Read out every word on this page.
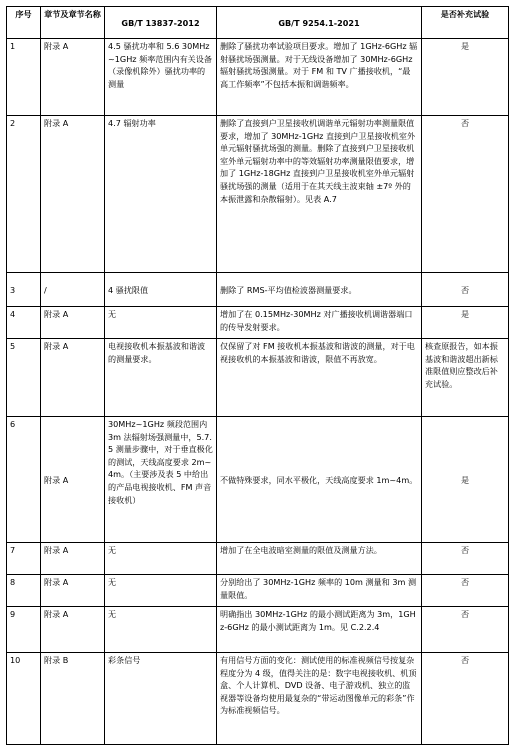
序号	章节及章节名称	GB/T 13837-2012	GB/T 9254.1-2021	是否补充试验
1	附录 A	4.5 骚扰功率和 5.6 30MHz~1GHz 频率范围内有关设备（录像机除外）骚扰功率的测量	删除了骚扰功率试验项目要求。增加了 1GHz-6GHz 辐射骚扰场强测量。对于无线设备增加了 30MHz-6GHz 辐射骚扰场强测量。对于 FM 和 TV 广播接收机，“最高工作频率”不包括本振和调谐频率。	是
2	附录 A	4.7 辐射功率	删除了直接到户卫星接收机调谐单元辐射功率测量限值要求，增加了 30MHz-1GHz 直接到户卫星接收机室外单元辐射骚扰场强的测量。删除了直接到户卫星接收机室外单元辐射功率中的等效辐射功率测量限值要求，增加了 1GHz-18GHz 直接到户卫星接收机室外单元辐射骚扰场强的测量（适用于在其天线主波束轴 ±7º 外的本振泄露和杂散辐射）。见表 A.7	否
3	/	4 骚扰限值	删除了 RMS-平均值检波器测量要求。	否
4	附录 A	无	增加了在 0.15MHz-30MHz 对广播接收机调谐器端口的传导发射要求。	是
5	附录 A	电视接收机本振基波和谐波的测量要求。	仅保留了对 FM 接收机本振基波和谐波的测量，对于电视接收机的本振基波和谐波，限值不再放宽。	核查原报告，如本振基波和谐波超出新标准限值则应整改后补充试验。
6	附录 A	30MHz~1GHz 频段范围内 3m 法辐射场强测量中，5.7.5 测量步骤中，对于垂直极化的测试，天线高度要求 2m~4m。（主要涉及表 5 中给出的产品电视接收机、FM 声音接收机）	不做特殊要求，同水平极化，天线高度要求 1m~4m。	是
7	附录 A	无	增加了在全电波暗室测量的限值及测量方法。	否
8	附录 A	无	分别给出了 30MHz-1GHz 频率的 10m 测量和 3m 测量限值。	否
9	附录 A	无	明确指出 30MHz-1GHz 的最小测试距离为 3m，1GHz-6GHz 的最小测试距离为 1m。见 C.2.2.4	否
10	附录 B	彩条信号	有用信号方面的变化：测试使用的标准视频信号按复杂程度分为 4 级，值得关注的是：数字电视接收机、机顶盒、个人计算机、DVD 设备、电子游戏机、独立的监视器等设备均使用最复杂的“带运动图像单元的彩条”作为标准视频信号。	否
